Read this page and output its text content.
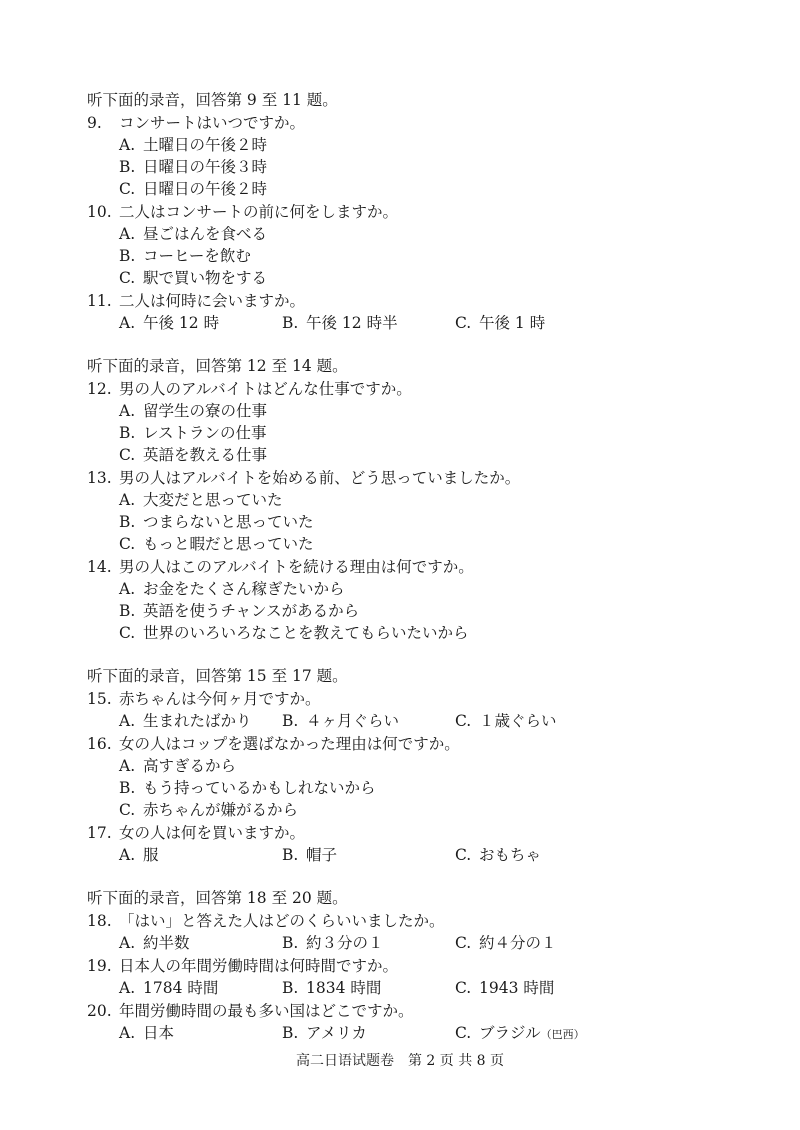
听下面的录音，回答第 9 至 11 题。
9. コンサートはいつですか。
A. 土曜日の午後２時
B. 日曜日の午後３時
C. 日曜日の午後２時
10. 二人はコンサートの前に何をしますか。
A. 昼ごはんを食べる
B. コーヒーを飲む
C. 駅で買い物をする
11. 二人は何時に会いますか。
A. 午後 12 時	B. 午後 12 時半	C. 午後 1 時
听下面的录音，回答第 12 至 14 题。
12. 男の人のアルバイトはどんな仕事ですか。
A. 留学生の寮の仕事
B. レストランの仕事
C. 英語を教える仕事
13. 男の人はアルバイトを始める前、どう思っていましたか。
A. 大変だと思っていた
B. つまらないと思っていた
C. もっと暇だと思っていた
14. 男の人はこのアルバイトを続ける理由は何ですか。
A. お金をたくさん稼ぎたいから
B. 英語を使うチャンスがあるから
C. 世界のいろいろなことを教えてもらいたいから
听下面的录音，回答第 15 至 17 题。
15. 赤ちゃんは今何ヶ月ですか。
A. 生まれたばかり B. ４ヶ月ぐらい	C. １歳ぐらい
16. 女の人はコップを選ばなかった理由は何ですか。
A. 高すぎるから
B. もう持っているかもしれないから
C. 赤ちゃんが嫌がるから
17. 女の人は何を買いますか。
A. 服	B. 帽子	C. おもちゃ
听下面的录音，回答第 18 至 20 题。
18. 「はい」と答えた人はどのくらいいましたか。
A. 約半数	B. 約３分の１	C. 約４分の１
19. 日本人の年間労働時間は何時間ですか。
A. 1784 時間	B. 1834 時間	C. 1943 時間
20. 年間労働時間の最も多い国はどこですか。
A. 日本	B. アメリカ	C. ブラジル（巴西）
高二日语试题卷　第 2 页 共 8 页
